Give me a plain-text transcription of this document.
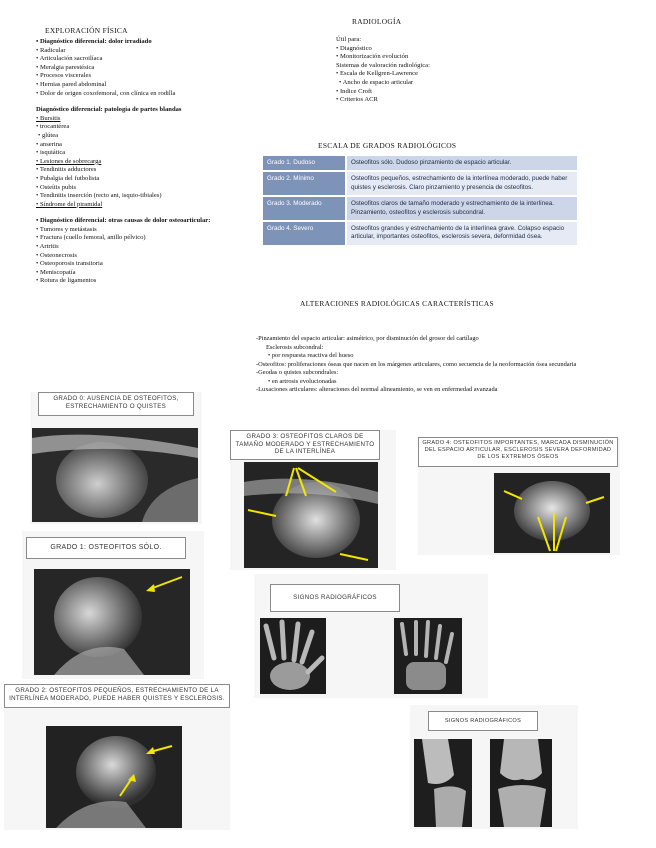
EXPLORACIÓN FÍSICA
• Diagnóstico diferencial: dolor irradiado
• Radicular
• Articulación sacroilíaca
• Meralgia parestésica
• Procesos viscerales
• Hernias pared abdominal
• Dolor de origen coxofemoral, con clínica en rodilla
Diagnóstico diferencial: patología de partes blandas
• Bursitis
• trocantérea
• glútea
• anserina
• isquiática
• Lesiones de sobrecarga
• Tendinitis adductores
• Pubalgia del futbolista
• Osteítis pubis
• Tendinitis inserción (recto ant, isquio-tibiales)
• Síndrome del piramidal
• Diagnóstico diferencial: otras causas de dolor osteoarticular:
• Tumores y metástasis
• Fractura (cuello femoral, anillo pélvico)
• Artritis
• Osteonecrosis
• Osteoporosis transitoria
• Meniscopatía
• Rotura de ligamentos
RADIOLOGÍA
Útil para:
• Diagnóstico
• Monitorización evolución
Sistemas de valoración radiológica:
• Escala de Kellgren-Lawrence
• Ancho de espacio articular
• Indice Croft
• Criterios ACR
ESCALA DE GRADOS RADIOLÓGICOS
Grado 1. Dudoso	Osteofitos sólo. Dudoso pinzamiento de espacio articular.
Grado 2. Mínimo	Osteofitos pequeños, estrechamiento de la interlínea moderado, puede haber quistes y esclerosis. Claro pinzamiento y presencia de osteofitos.
Grado 3. Moderado	Osteofitos claros de tamaño moderado y estrechamiento de la interlínea. Pinzamiento, osteofitos y esclerosis subcondral.
Grado 4. Severo	Osteofitos grandes y estrechamiento de la interlínea grave. Colapso espacio articular, importantes osteofitos, esclerosis severa, deformidad ósea.
ALTERACIONES RADIOLÓGICAS CARACTERÍSTICAS
-Pinzamiento del espacio articular: asimétrico, por disminución del grosor del cartílago
Esclerosis subcondral:
• por respuesta reactiva del hueso
-Osteofitos: proliferaciones óseas que nacen en los márgenes articulares, como secuencia de la neoformación ósea secundaria
-Geodas o quistes subcondrales:
• en artrosis evolucionadas
-Luxaciones articulares: alteraciones del normal alineamiento, se ven en enfermedad avanzada
GRADO 0: AUSENCIA DE OSTEOFITOS, ESTRECHAMIENTO O QUISTES
GRADO 1: OSTEOFITOS SÓLO.
GRADO 2: OSTEOFITOS PEQUEÑOS, ESTRECHAMIENTO DE LA INTERLÍNEA MODERADO, PUEDE HABER QUISTES Y ESCLEROSIS.
GRADO 3: OSTEOFITOS CLAROS DE TAMAÑO MODERADO Y ESTRECHAMIENTO DE LA INTERLÍNEA
GRADO 4: OSTEOFITOS IMPORTANTES, MARCADA DISMINUCIÓN DEL ESPACIO ARTICULAR, ESCLEROSIS SEVERA DEFORMIDAD DE LOS EXTREMOS ÓSEOS
SIGNOS RADIOGRÁFICOS
SIGNOS RADIOGRÁFICOS
